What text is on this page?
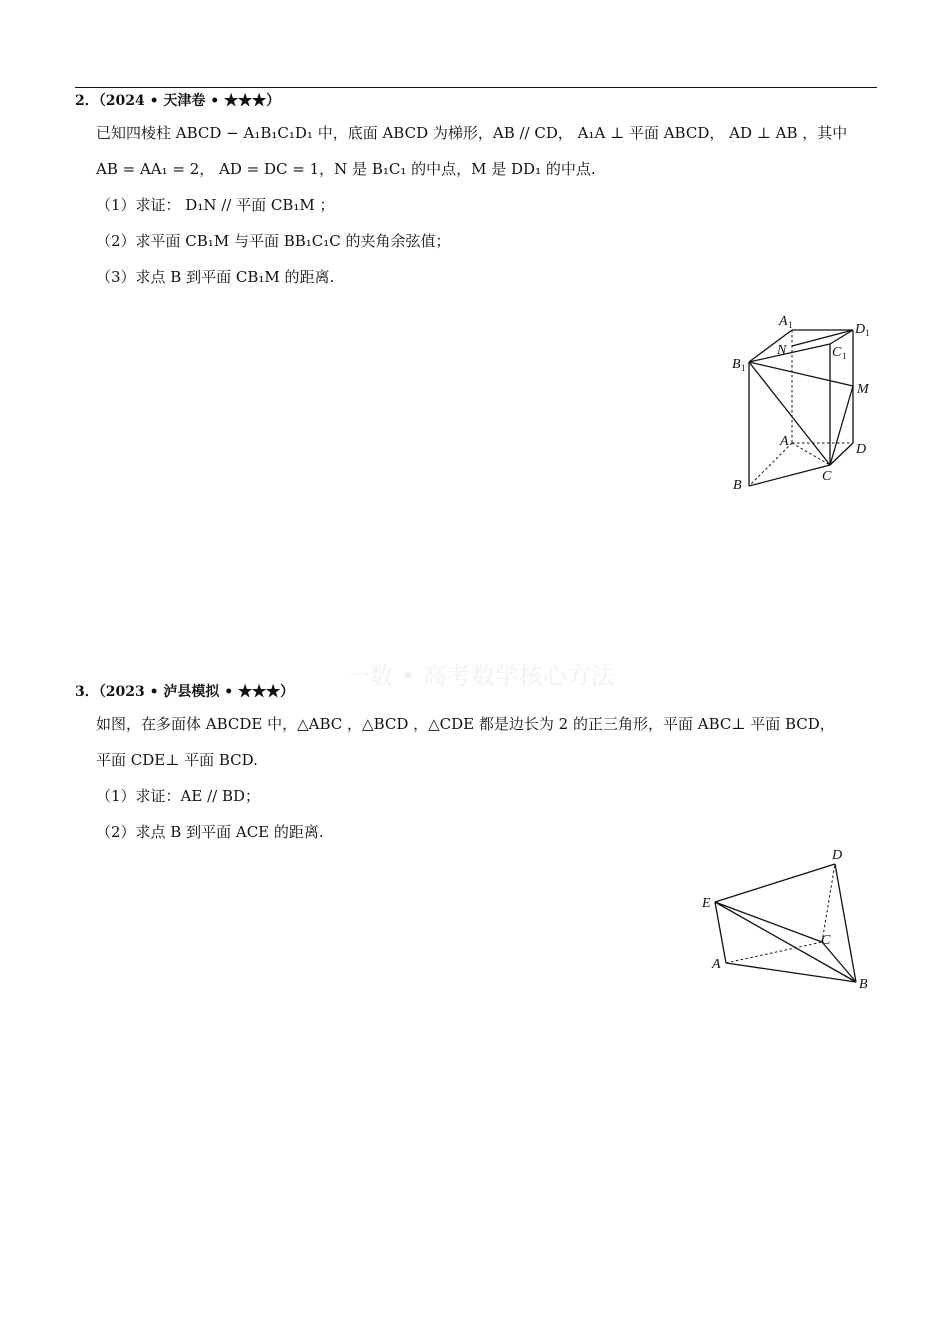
2．（2024 • 天津卷 • ★★★）
已知四棱柱 ABCD − A₁B₁C₁D₁ 中，底面 ABCD 为梯形，AB // CD， A₁A ⊥ 平面 ABCD， AD ⊥ AB ，其中
AB = AA₁ = 2， AD = DC = 1，N 是 B₁C₁ 的中点，M 是 DD₁ 的中点.
（1）求证： D₁N // 平面 CB₁M ；
（2）求平面 CB₁M 与平面 BB₁C₁C 的夹角余弦值；
（3）求点 B 到平面 CB₁M 的距离.
A 1	D 1
N	C 1
B 1
M
A
D
C
B
一数 • 高考数学核心方法
3．（2023 • 泸县模拟 • ★★★）
如图，在多面体 ABCDE 中，△ABC ，△BCD ，△CDE 都是边长为 2 的正三角形，平面 ABC⊥ 平面 BCD，
平面 CDE⊥ 平面 BCD.
（1）求证：AE // BD；
（2）求点 B 到平面 ACE 的距离.
D
E
C
A
B
